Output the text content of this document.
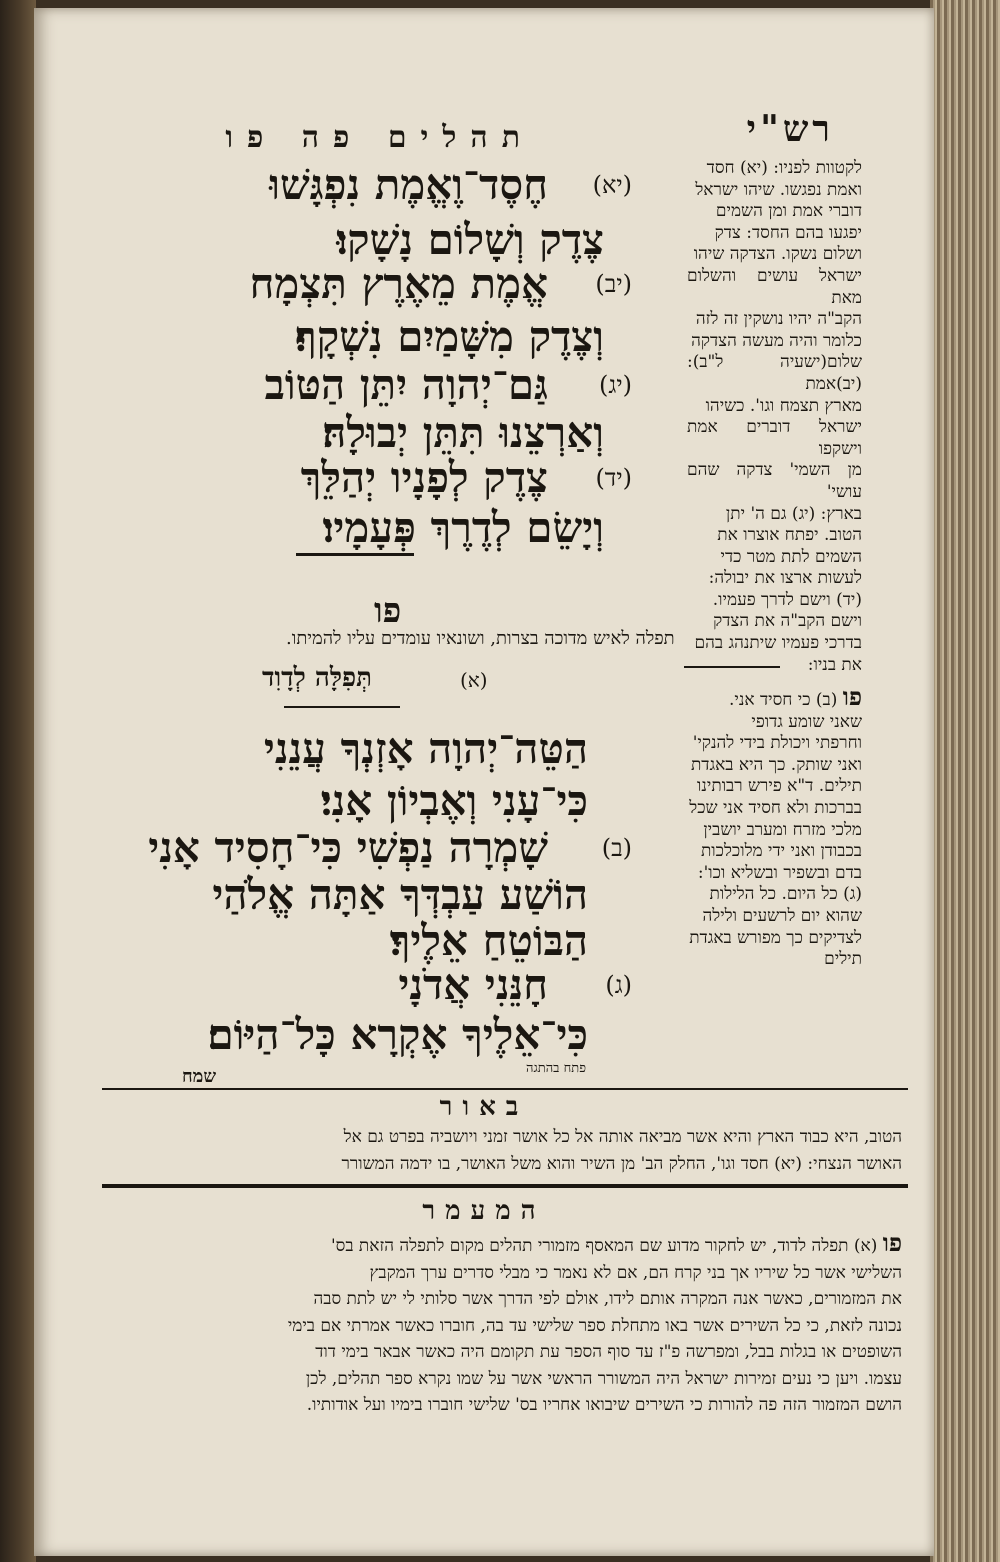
תהלים פה פו	רש"י
(יא)
חֶסֶד־וֶאֱמֶת נִפְגָּשׁוּ
צֶדֶק וְשָׁלוֹם נָשָׁקוּ׃
(יב)
אֱמֶת מֵאֶרֶץ תִּצְמָח
וְצֶדֶק מִשָּׁמַיִם נִשְׁקָף׃
(יג)
גַּם־יְהוָה יִתֵּן הַטּוֹב
וְאַרְצֵנוּ תִּתֵּן יְבוּלָהּ׃
(יד)
צֶדֶק לְפָנָיו יְהַלֵּךְ
וְיָשֵׂם לְדֶרֶךְ פְּעָמָיו׃
פו
תפלה לאיש מדוכה בצרות, ושונאיו עומדים עליו להמיתו.
(א)
תְּפִלָּה לְדָוִד
הַטֵּה־יְהוָה אָזְנְךָ עֲנֵנִי
כִּי־עָנִי וְאֶבְיוֹן אָנִי׃
(ב)
שָׁמְרָה נַפְשִׁי כִּי־חָסִיד אָנִי
הוֹשַׁע עַבְדְּךָ אַתָּה אֱלֹהַי
הַבּוֹטֵחַ אֵלֶיךָ׃
(ג)
חָנֵּנִי אֲדֹנָי
כִּי־אֵלֶיךָ אֶקְרָא כָּל־הַיּוֹם׃
פתח בהתגה
שמח
לקטוות לפניו: (יא) חסד
ואמת נפגשו. שיהו ישראל
דוברי אמת ומן השמים
יפגעו בהם החסד: צדק
ושלום נשקו. הצדקה שיהו
ישראל עושים והשלום מאת
הקב"ה יהיו נושקין זה לזה
כלומר והיה מעשה הצדקה
שלום(ישעיה ל"ב):(יב)אמת
מארץ תצמח וגו'. כשיהו
ישראל דוברים אמת וישקפו
מן השמי' צדקה שהם עושי'
בארץ: (יג) גם ה' יתן
הטוב. יפתח אוצרו את
השמים לתת מטר כדי
לעשות ארצו את יבולה:
(יד) וישם לדרך פעמיו.
וישם הקב"ה את הצדק
בדרכי פעמיו שיתנהג בהם
את בניו:
פו (ב) כי חסיד אני.
שאני שומע גדופי
וחרפתי ויכולת בידי להנקי'
ואני שותק. כך היא באגדת
תילים. ד"א פירש רבותינו
בברכות ולא חסיד אני שכל
מלכי מזרח ומערב יושבין
בכבודן ואני ידי מלוכלכות
בדם ובשפיר ובשליא וכו':
(ג) כל היום. כל הלילות
שהוא יום לרשעים ולילה
לצדיקים כך מפורש באגדת
תילים
באור
הטוב, היא כבוד הארץ והיא אשר מביאה אותה אל כל אושר זמני ויושביה בפרט גם אל
האושר הנצחי: (יא) חסד וגו', החלק הב' מן השיר והוא משל האושר, בו ידמה המשורר
המעמר
פו (א) תפלה לדוד, יש לחקור מדוע שם המאסף מזמורי תהלים מקום לתפלה הזאת בס'
השלישי אשר כל שיריו אך בני קרח הם, אם לא נאמר כי מבלי סדרים ערך המקבץ
את המזמורים, כאשר אנה המקרה אותם לידו, אולם לפי הדרך אשר סלותי לי יש לתת סבה
נכונה לזאת, כי כל השירים אשר באו מתחלת ספר שלישי עד בה, חוברו כאשר אמרתי אם בימי
השופטים או בגלות בבל, ומפרשה פ"ז עד סוף הספר עת תקומם היה כאשר אבאר בימי דוד
עצמו. ויען כי נעים זמירות ישראל היה המשורר הראשי אשר על שמו נקרא ספר תהלים, לכן
הושם המזמור הזה פה להורות כי השירים שיבואו אחריו בס' שלישי חוברו בימיו ועל אודותיו.
